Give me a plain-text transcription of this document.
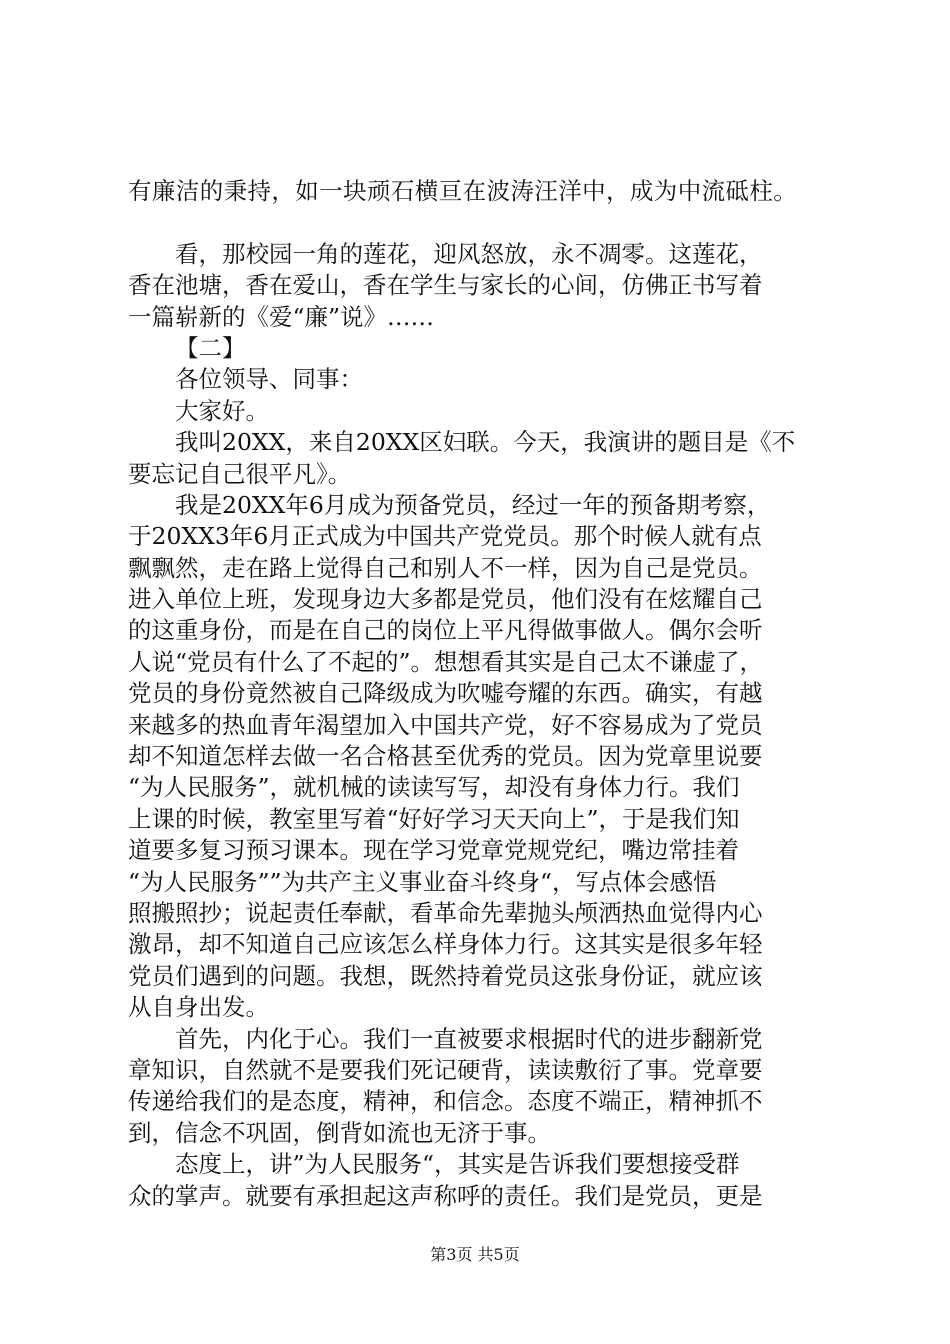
有廉洁的秉持，如一块顽石横亘在波涛汪洋中，成为中流砥柱。
看，那校园一角的莲花，迎风怒放，永不凋零。这莲花，
香在池塘，香在爱山，香在学生与家长的心间，仿佛正书写着
一篇崭新的《爱“廉”说》……
【二】
各位领导、同事：
大家好。
我叫20XX，来自20XX区妇联。今天，我演讲的题目是《不
要忘记自己很平凡》。
我是20XX年6月成为预备党员，经过一年的预备期考察，
于20XX3年6月正式成为中国共产党党员。那个时候人就有点
飘飘然，走在路上觉得自己和别人不一样，因为自己是党员。
进入单位上班，发现身边大多都是党员，他们没有在炫耀自己
的这重身份，而是在自己的岗位上平凡得做事做人。偶尔会听
人说“党员有什么了不起的”。想想看其实是自己太不谦虚了，
党员的身份竟然被自己降级成为吹嘘夸耀的东西。确实，有越
来越多的热血青年渴望加入中国共产党，好不容易成为了党员
却不知道怎样去做一名合格甚至优秀的党员。因为党章里说要
“为人民服务”，就机械的读读写写，却没有身体力行。我们
上课的时候，教室里写着“好好学习天天向上”，于是我们知
道要多复习预习课本。现在学习党章党规党纪，嘴边常挂着
“为人民服务””为共产主义事业奋斗终身“，写点体会感悟
照搬照抄；说起责任奉献，看革命先辈抛头颅洒热血觉得内心
激昂，却不知道自己应该怎么样身体力行。这其实是很多年轻
党员们遇到的问题。我想，既然持着党员这张身份证，就应该
从自身出发。
首先，内化于心。我们一直被要求根据时代的进步翻新党
章知识，自然就不是要我们死记硬背，读读敷衍了事。党章要
传递给我们的是态度，精神，和信念。态度不端正，精神抓不
到，信念不巩固，倒背如流也无济于事。
态度上，讲”为人民服务“，其实是告诉我们要想接受群
众的掌声。就要有承担起这声称呼的责任。我们是党员，更是
第3页 共5页
